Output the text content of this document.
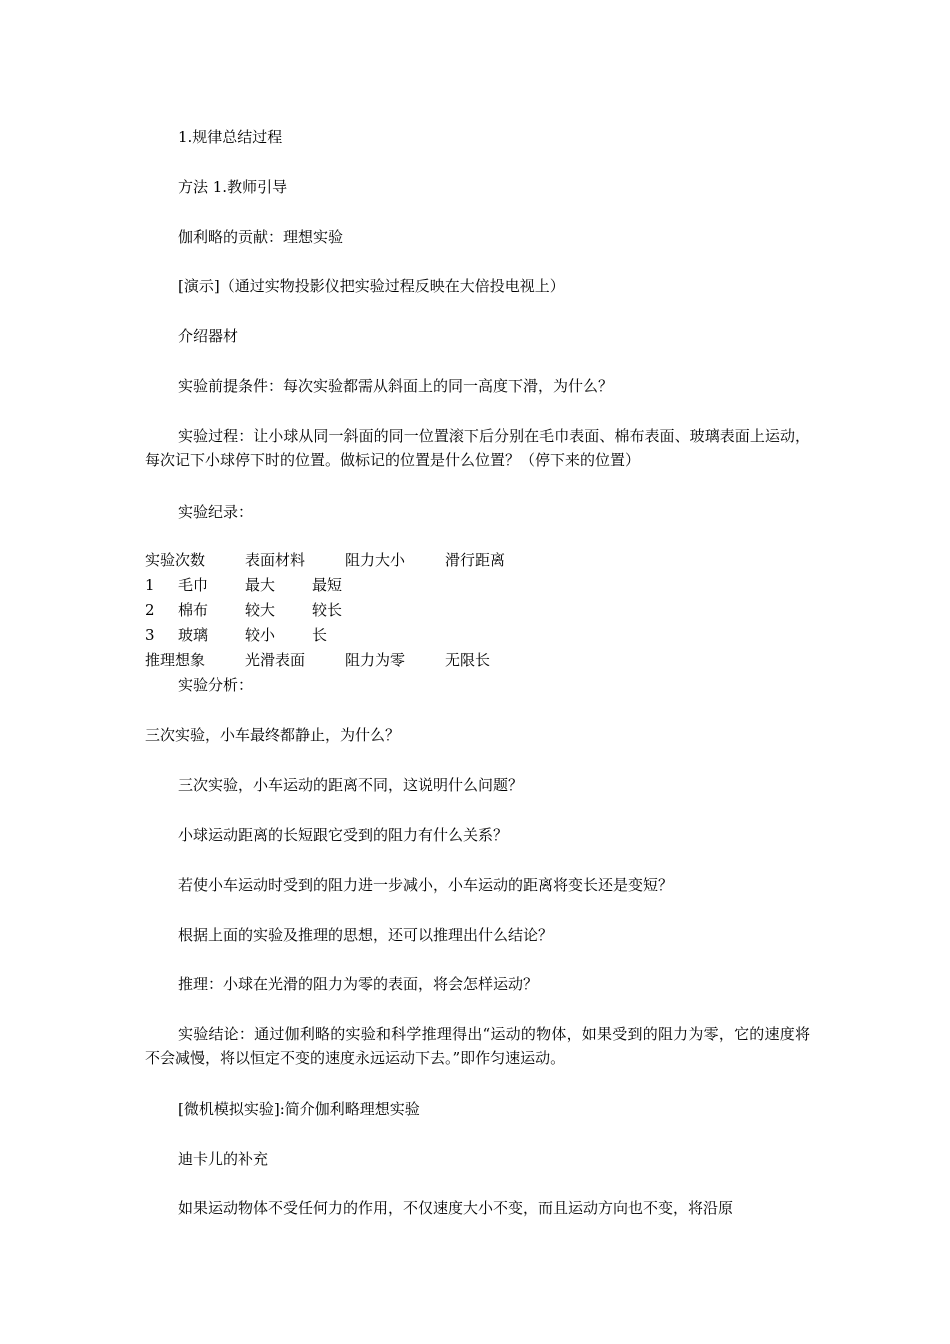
1.规律总结过程
方法 1.教师引导
伽利略的贡献：理想实验
[演示]（通过实物投影仪把实验过程反映在大倍投电视上）
介绍器材
实验前提条件：每次实验都需从斜面上的同一高度下滑，为什么？
实验过程：让小球从同一斜面的同一位置滚下后分别在毛巾表面、棉布表面、玻璃表面上运动，每次记下小球停下时的位置。做标记的位置是什么位置？（停下来的位置）
实验纪录：
实验次数	表面材料	阻力大小	滑行距离
1 毛巾 最大 最短
2 棉布 较大 较长
3 玻璃 较小 长
推理想象	光滑表面	阻力为零	无限长
实验分析：
三次实验，小车最终都静止，为什么？
三次实验，小车运动的距离不同，这说明什么问题？
小球运动距离的长短跟它受到的阻力有什么关系？
若使小车运动时受到的阻力进一步减小，小车运动的距离将变长还是变短？
根据上面的实验及推理的思想，还可以推理出什么结论？
推理：小球在光滑的阻力为零的表面，将会怎样运动？
实验结论：通过伽利略的实验和科学推理得出“运动的物体，如果受到的阻力为零，它的速度将不会减慢，将以恒定不变的速度永远运动下去。”即作匀速运动。
[微机模拟实验]:简介伽利略理想实验
迪卡儿的补充
如果运动物体不受任何力的作用，不仅速度大小不变，而且运动方向也不变，将沿原
